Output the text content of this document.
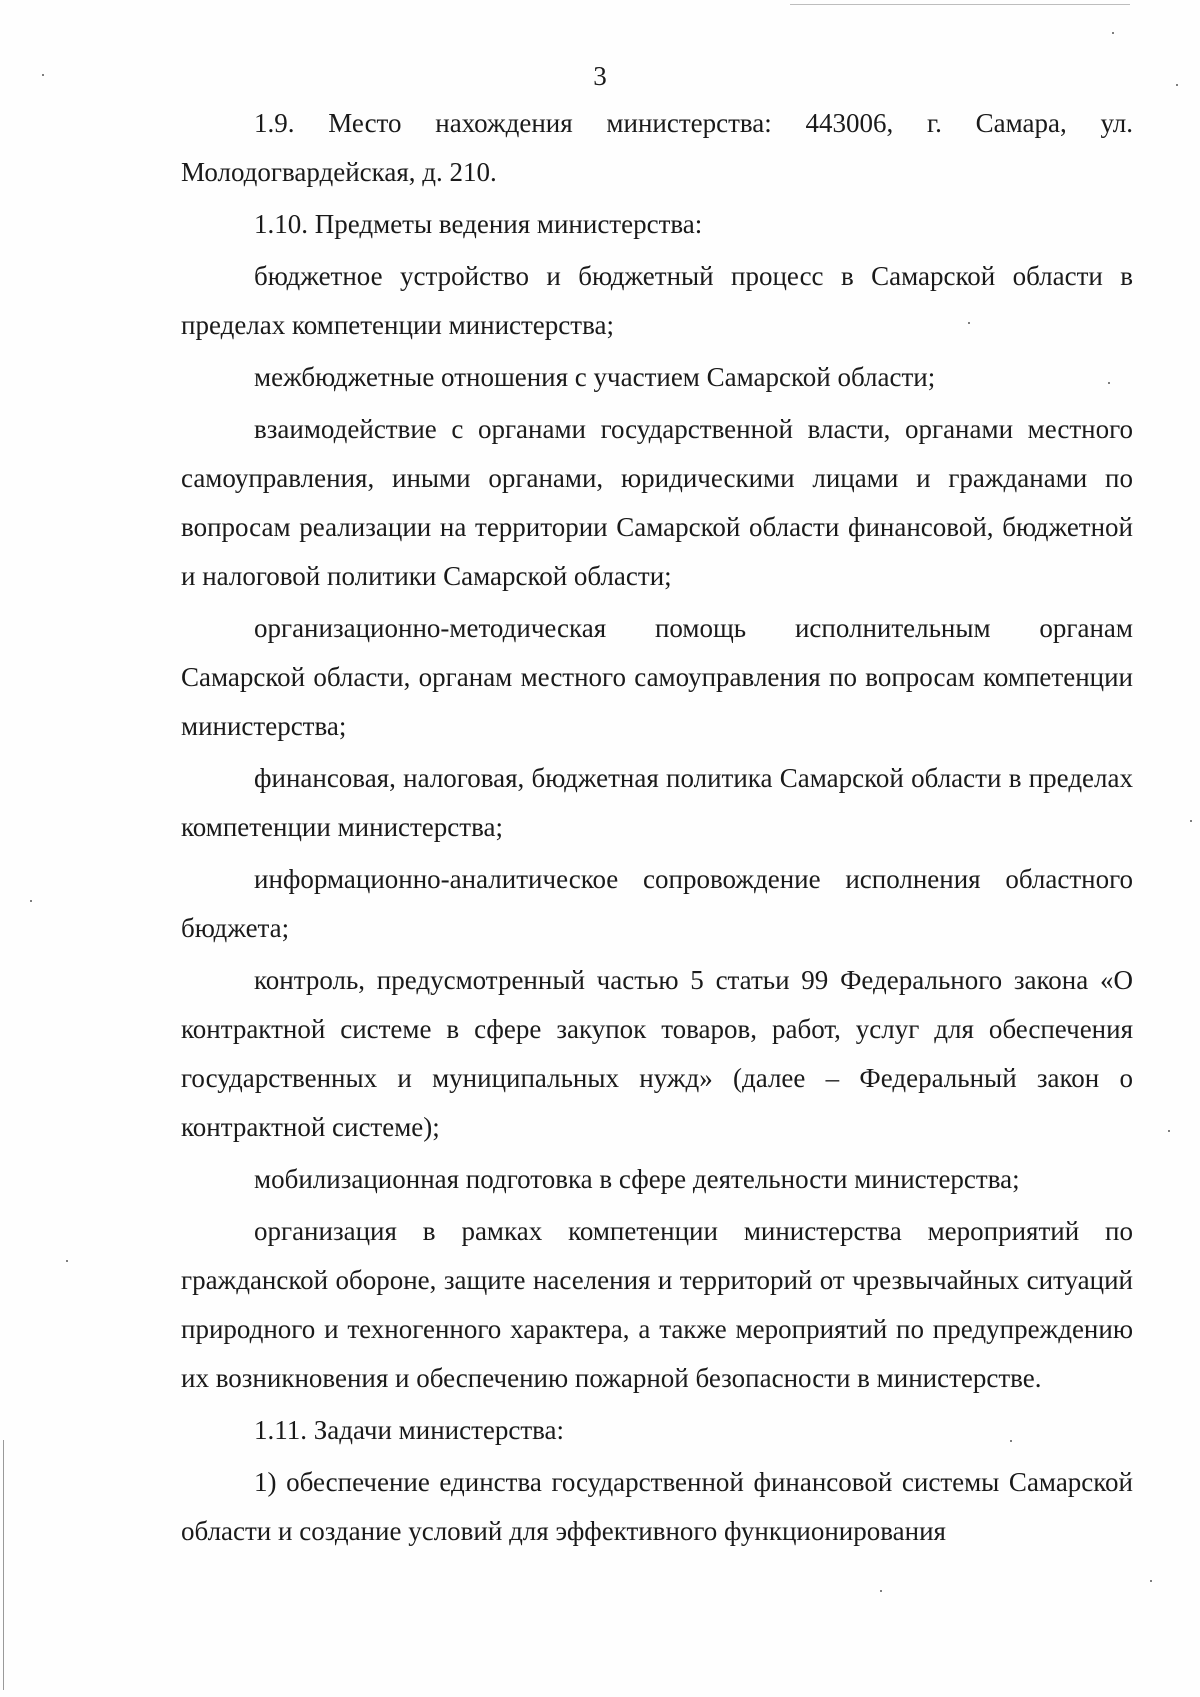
3

1.9. Место нахождения министерства: 443006, г. Самара, ул. Молодогвардейская, д. 210.

1.10. Предметы ведения министерства:

бюджетное устройство и бюджетный процесс в Самарской области в пределах компетенции министерства;

межбюджетные отношения с участием Самарской области;

взаимодействие с органами государственной власти, органами местного самоуправления, иными органами, юридическими лицами и гражданами по вопросам реализации на территории Самарской области финансовой, бюджетной и налоговой политики Самарской области;

организационно-методическая помощь исполнительным органам Самарской области, органам местного самоуправления по вопросам компетенции министерства;

финансовая, налоговая, бюджетная политика Самарской области в пределах компетенции министерства;

информационно-аналитическое сопровождение исполнения областного бюджета;

контроль, предусмотренный частью 5 статьи 99 Федерального закона «О контрактной системе в сфере закупок товаров, работ, услуг для обеспечения государственных и муниципальных нужд» (далее – Федеральный закон о контрактной системе);

мобилизационная подготовка в сфере деятельности министерства;

организация в рамках компетенции министерства мероприятий по гражданской обороне, защите населения и территорий от чрезвычайных ситуаций природного и техногенного характера, а также мероприятий по предупреждению их возникновения и обеспечению пожарной безопасности в министерстве.

1.11. Задачи министерства:

1) обеспечение единства государственной финансовой системы Самарской области и создание условий для эффективного функционирования
